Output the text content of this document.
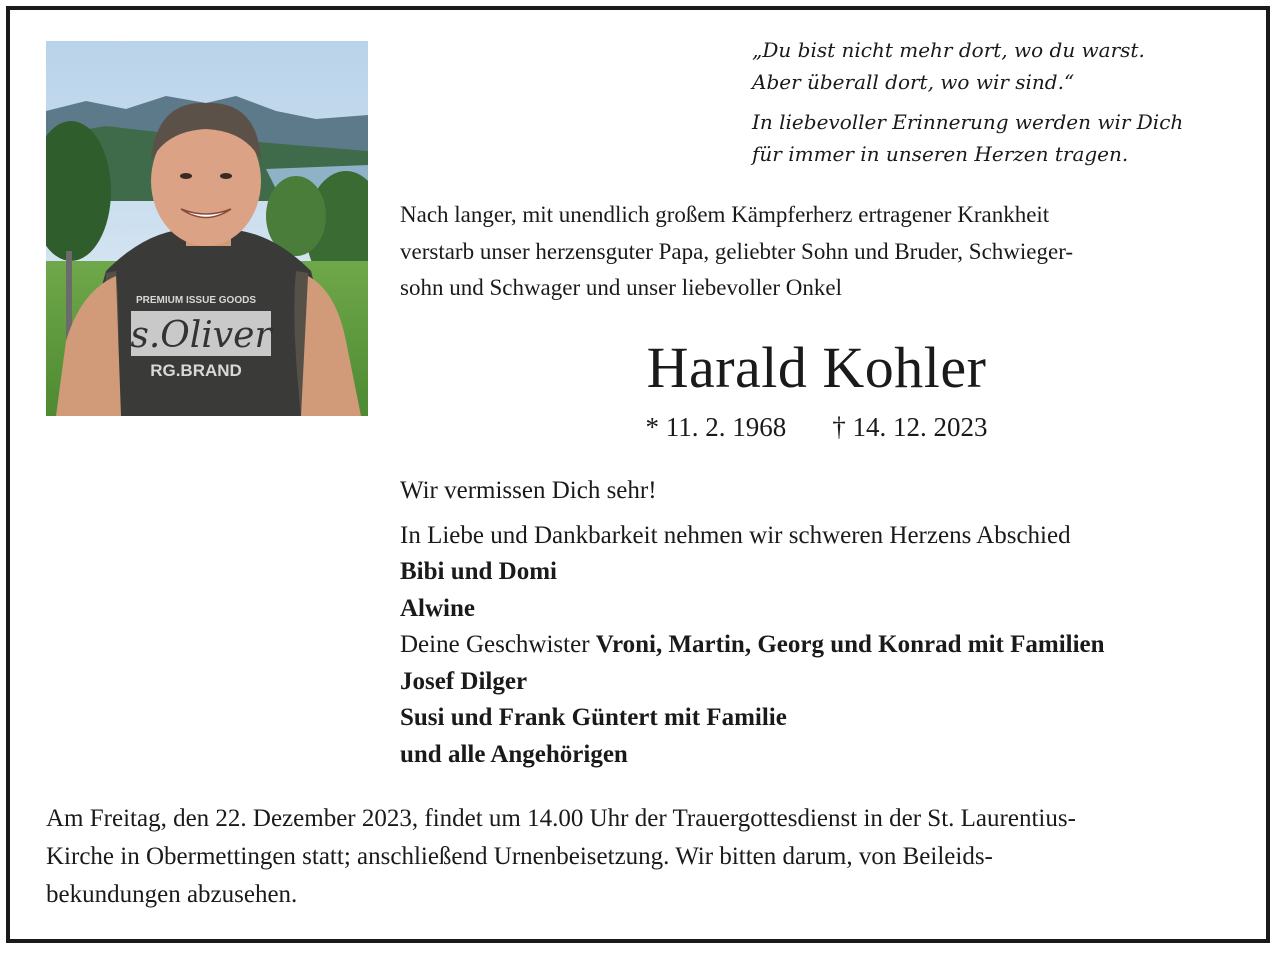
PREMIUM ISSUE GOODS
s.Oliver
RG.BRAND
„Du bist nicht mehr dort, wo du warst.
Aber überall dort, wo wir sind.“
In liebevoller Erinnerung werden wir Dich
für immer in unseren Herzen tragen.
Nach langer, mit unendlich großem Kämpferherz ertragener Krankheit
verstarb unser herzensguter Papa, geliebter Sohn und Bruder, Schwieger-
sohn und Schwager und unser liebevoller Onkel
Harald Kohler
* 11. 2. 1968 † 14. 12. 2023
Wir vermissen Dich sehr!
In Liebe und Dankbarkeit nehmen wir schweren Herzens Abschied
Bibi und Domi
Alwine
Deine Geschwister Vroni, Martin, Georg und Konrad mit Familien
Josef Dilger
Susi und Frank Güntert mit Familie
und alle Angehörigen
Am Freitag, den 22. Dezember 2023, findet um 14.00 Uhr der Trauergottesdienst in der St. Laurentius-
Kirche in Obermettingen statt; anschließend Urnenbeisetzung. Wir bitten darum, von Beileids-
bekundungen abzusehen.
